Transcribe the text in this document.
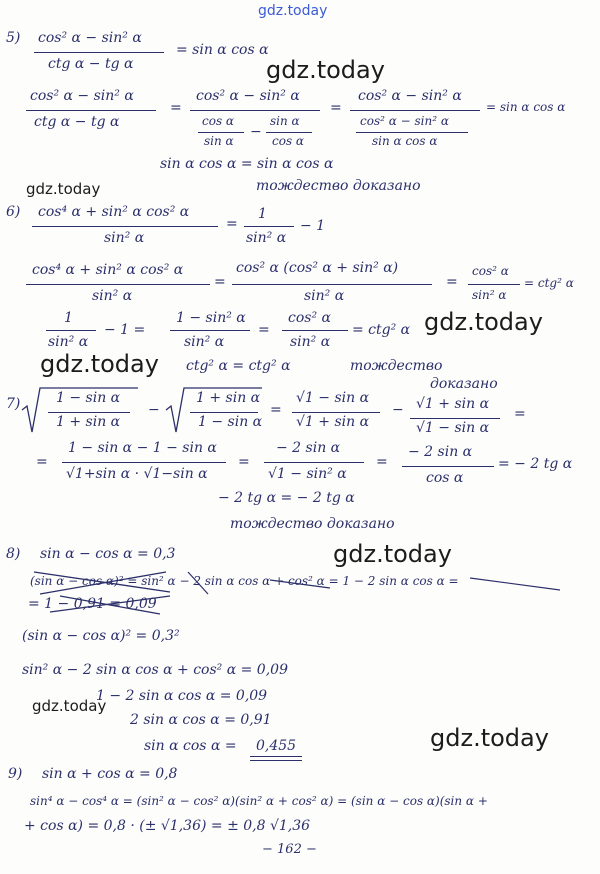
gdz.today
gdz.today
gdz.today
gdz.today
gdz.today
gdz.today
gdz.today
gdz.today
5) cos² α − sin² α
ctg α − tg α
= sin α cos α
cos² α − sin² α
ctg α − tg α
=
cos² α − sin² α
cos α
sin α
−
sin α
cos α
=
cos² α − sin² α
cos² α − sin² α
sin α cos α
= sin α cos α
sin α cos α = sin α cos α
тождество доказано
6) cos⁴ α + sin² α cos² α
sin² α
=
1
sin² α
− 1
cos⁴ α + sin² α cos² α
sin² α
=
cos² α (cos² α + sin² α)
sin² α
=
cos² α
sin² α
= ctg² α
1
sin² α
− 1 =
1 − sin² α
sin² α
=
cos² α
sin² α
= ctg² α
ctg² α = ctg² α	тождество
доказано
7)	1 − sin α
1 + sin α
−
1 + sin α
1 − sin α
=
√1 − sin α
√1 + sin α
− √1 + sin α
√1 − sin α
=
=
1 − sin α − 1 − sin α
√1+sin α · √1−sin α
=
− 2 sin α
√1 − sin² α
=
− 2 sin α
cos α
= − 2 tg α
− 2 tg α = − 2 tg α
тождество доказано
8) sin α − cos α = 0,3
(sin α − cos α)² = sin² α − 2 sin α cos α + cos² α = 1 − 2 sin α cos α =
= 1 − 0,91 = 0,09
(sin α − cos α)² = 0,3²
sin² α − 2 sin α cos α + cos² α = 0,09
1 − 2 sin α cos α = 0,09
2 sin α cos α = 0,91
sin α cos α = 0,455
9) sin α + cos α = 0,8
sin⁴ α − cos⁴ α = (sin² α − cos² α)(sin² α + cos² α) = (sin α − cos α)(sin α +
+ cos α) = 0,8 · (± √1,36) = ± 0,8 √1,36
− 162 −
